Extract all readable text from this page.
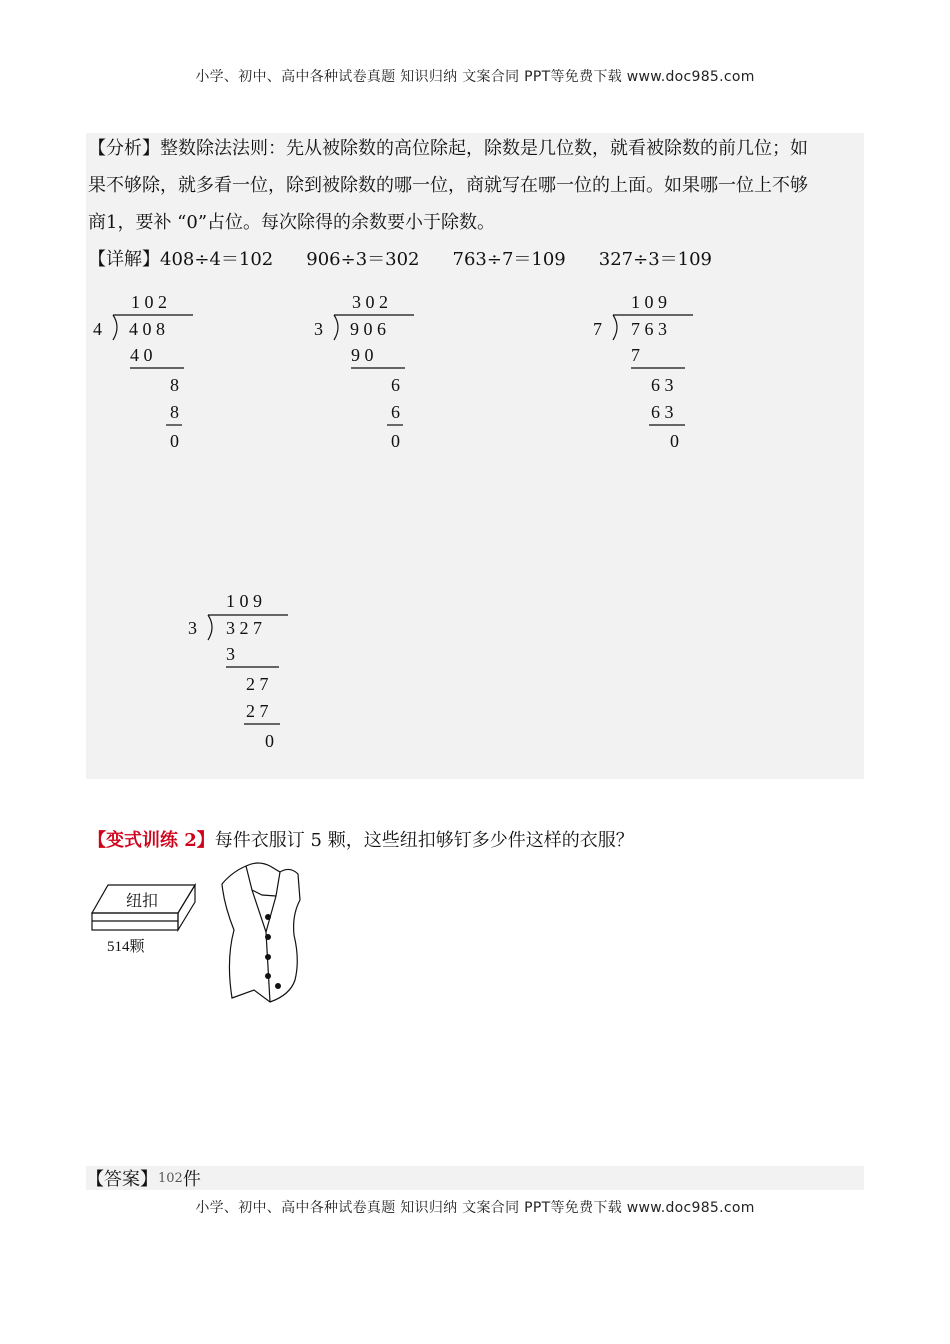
小学、初中、高中各种试卷真题 知识归纳 文案合同 PPT等免费下载 www.doc985.com
【分析】整数除法法则：先从被除数的高位除起，除数是几位数，就看被除数的前几位；如
果不够除，就多看一位，除到被除数的哪一位，商就写在哪一位的上面。如果哪一位上不够
商1，要补 “0”占位。每次除得的余数要小于除数。
【详解】408÷4＝102 906÷3＝302 763÷7＝109 327÷3＝109
1 0 2
4 4 0 8
4 0
8
8
0
3 0 2
3 9 0 6
9 0
6
6
0
1 0 9
7 7 6 3
7
6 3
6 3
0
1 0 9
3 3 2 7
3
2 7
2 7
0
纽扣
514颗
【变式训练 2】每件衣服订 5 颗，这些纽扣够钉多少件这样的衣服？
【答案】102件
小学、初中、高中各种试卷真题 知识归纳 文案合同 PPT等免费下载 www.doc985.com
